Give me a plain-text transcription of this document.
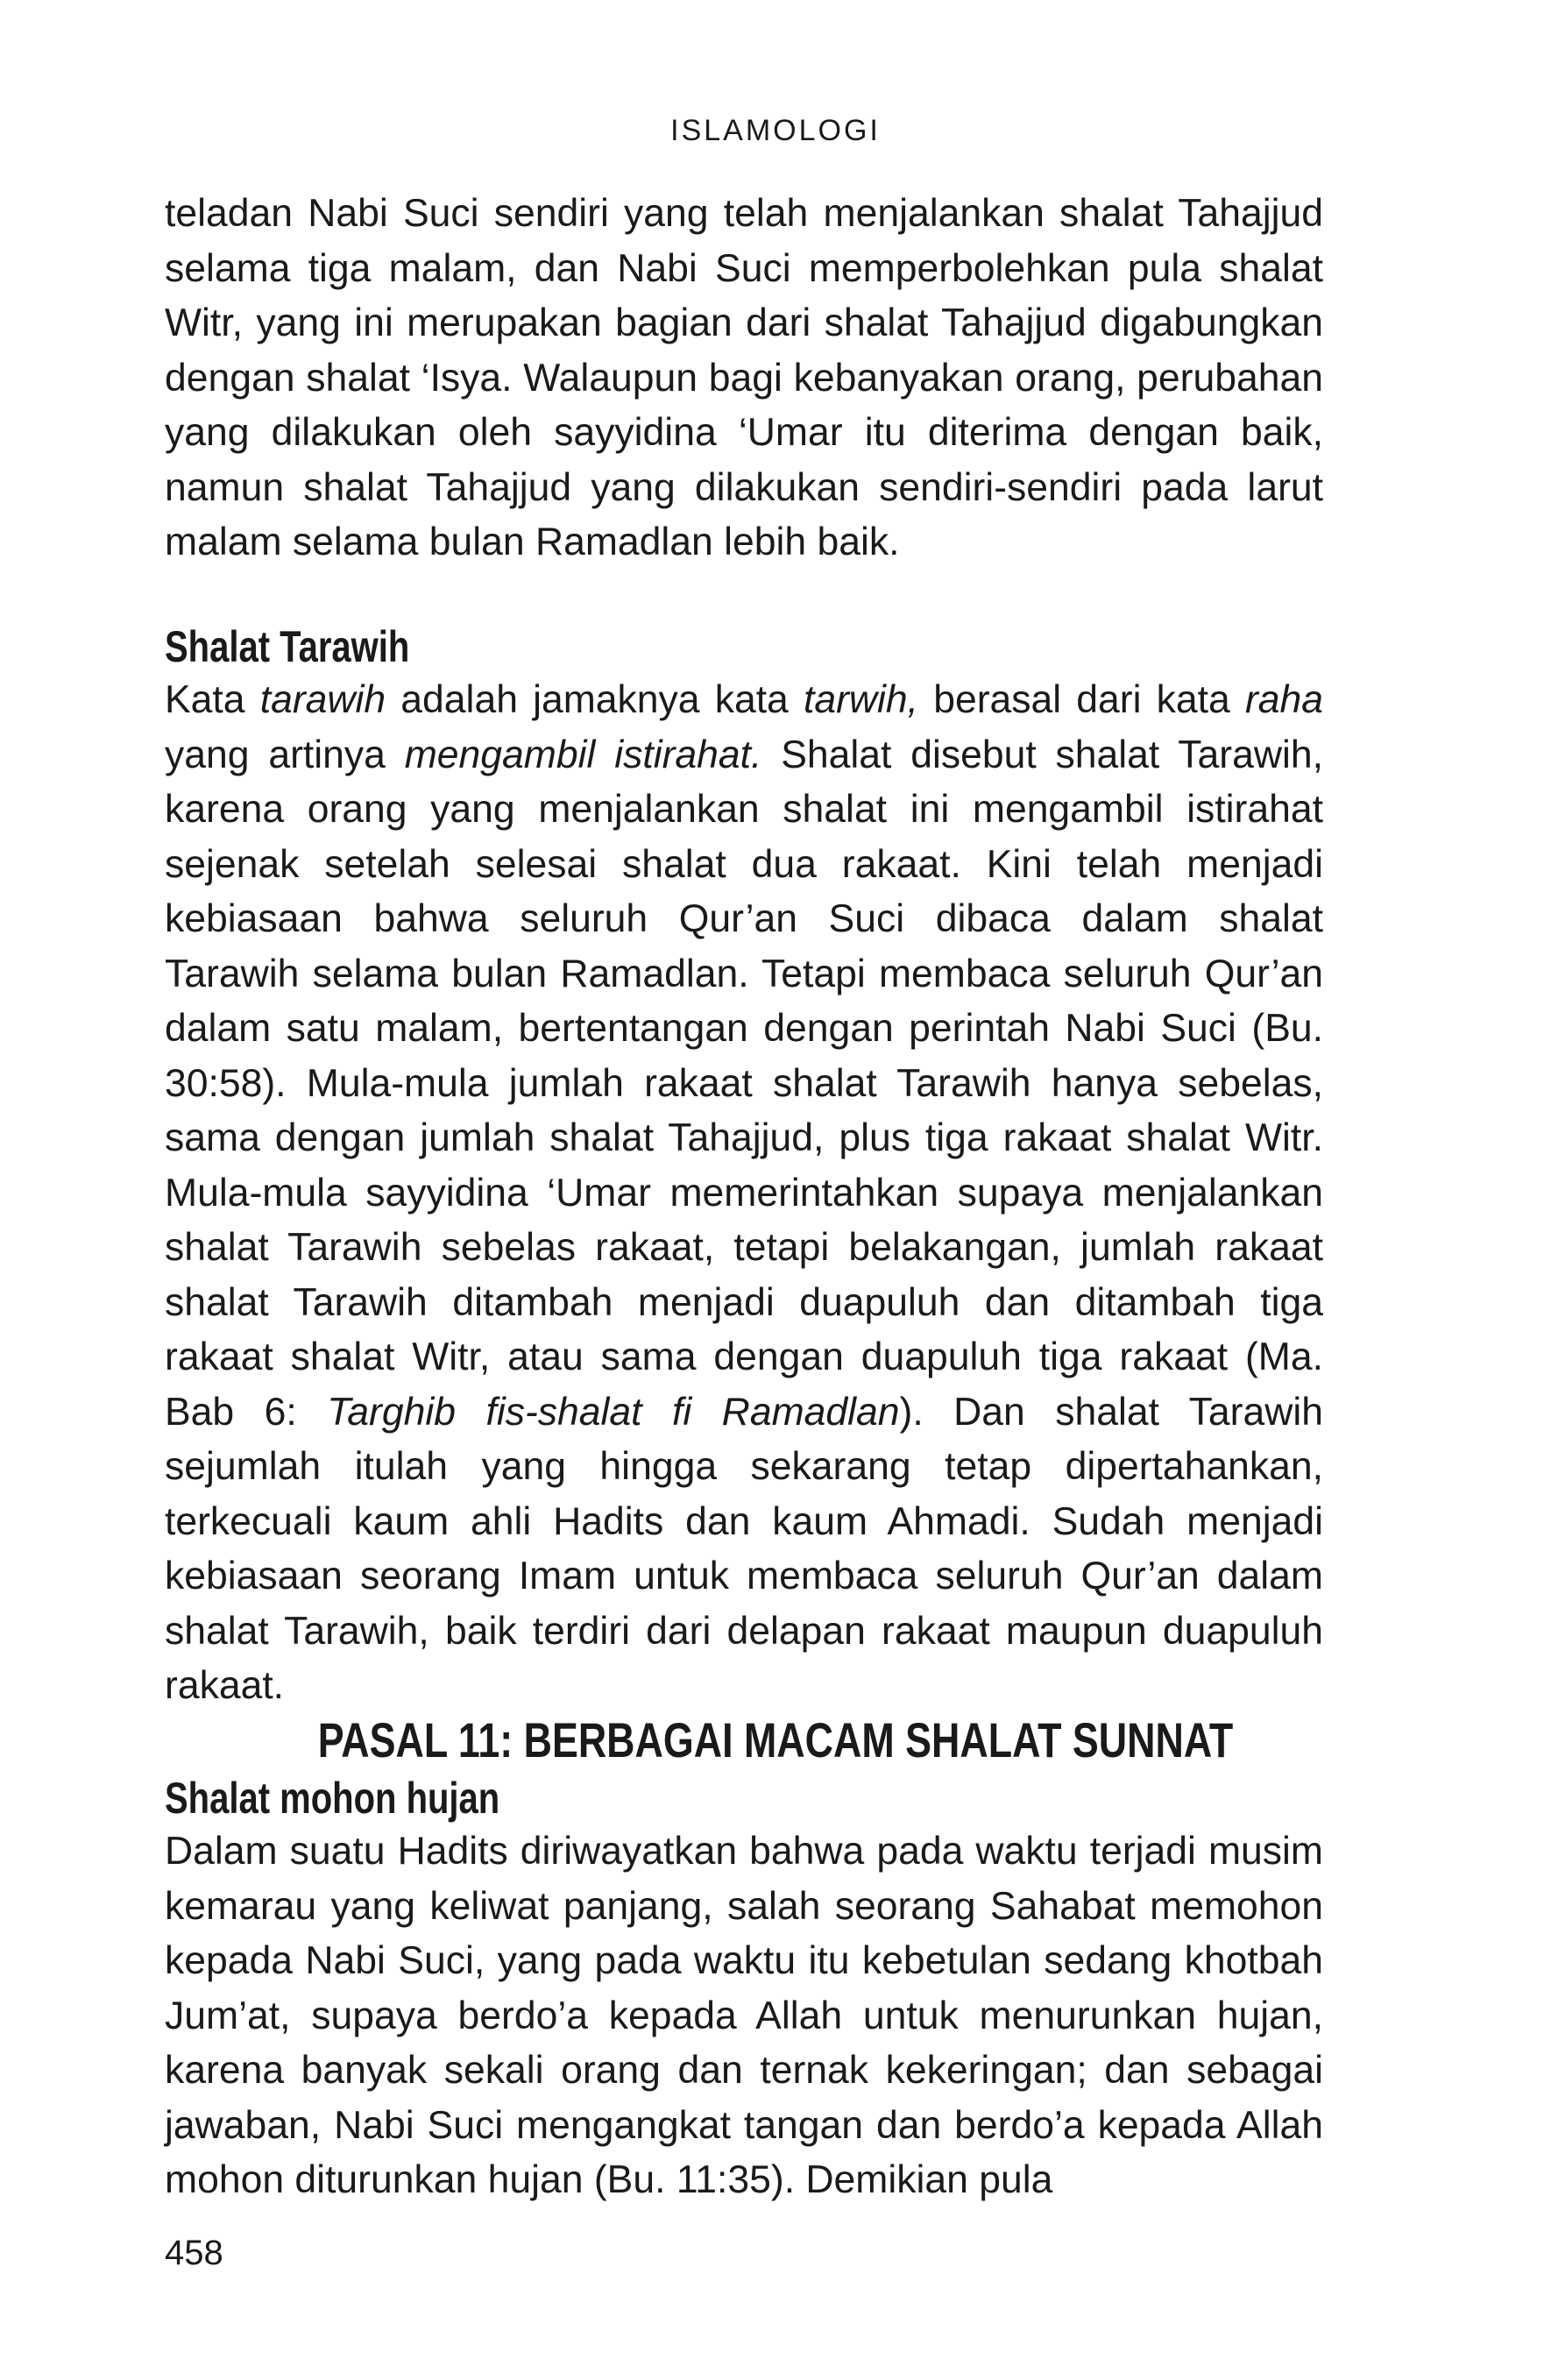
ISLAMOLOGI

teladan Nabi Suci sendiri yang telah menjalankan shalat Tahajjud selama tiga malam, dan Nabi Suci memperbolehkan pula shalat Witr, yang ini merupakan bagian dari shalat Tahajjud digabungkan dengan shalat ‘Isya. Walaupun bagi kebanyakan orang, perubahan yang dilakukan oleh sayyidina ‘Umar itu diterima dengan baik, namun shalat Tahajjud yang dilakukan sendiri-sendiri pada larut malam selama bulan Ramadlan lebih baik.

Shalat Tarawih

Kata tarawih adalah jamaknya kata tarwih, berasal dari kata raha yang artinya mengambil istirahat. Shalat disebut shalat Tarawih, karena orang yang menjalankan shalat ini mengambil istirahat sejenak setelah selesai shalat dua rakaat. Kini telah menjadi kebiasaan bahwa seluruh Qur’an Suci dibaca dalam shalat Tarawih selama bulan Ramadlan. Tetapi membaca seluruh Qur’an dalam satu malam, bertentangan dengan perintah Nabi Suci (Bu. 30:58). Mula-mula jumlah rakaat shalat Tarawih hanya sebelas, sama dengan jumlah shalat Tahajjud, plus tiga rakaat shalat Witr. Mula-mula sayyidina ‘Umar memerintahkan supaya menjalankan shalat Tarawih sebelas rakaat, tetapi belakangan, jumlah rakaat shalat Tarawih ditambah menjadi duapuluh dan ditambah tiga rakaat shalat Witr, atau sama dengan duapuluh tiga rakaat (Ma. Bab 6: Targhib fis-shalat fi Ramadlan). Dan shalat Tarawih sejumlah itulah yang hingga sekarang tetap dipertahankan, terkecuali kaum ahli Hadits dan kaum Ahmadi. Sudah menjadi kebiasaan seorang Imam untuk membaca seluruh Qur’an dalam shalat Tarawih, baik terdiri dari delapan rakaat maupun duapuluh rakaat.

PASAL 11: BERBAGAI MACAM SHALAT SUNNAT
Shalat mohon hujan

Dalam suatu Hadits diriwayatkan bahwa pada waktu terjadi musim kemarau yang keliwat panjang, salah seorang Sahabat memohon kepada Nabi Suci, yang pada waktu itu kebetulan sedang khotbah Jum’at, supaya berdo’a kepada Allah untuk menurunkan hujan, karena banyak sekali orang dan ternak kekeringan; dan sebagai jawaban, Nabi Suci mengangkat tangan dan berdo’a kepada Allah mohon diturunkan hujan (Bu. 11:35). Demikian pula

458
